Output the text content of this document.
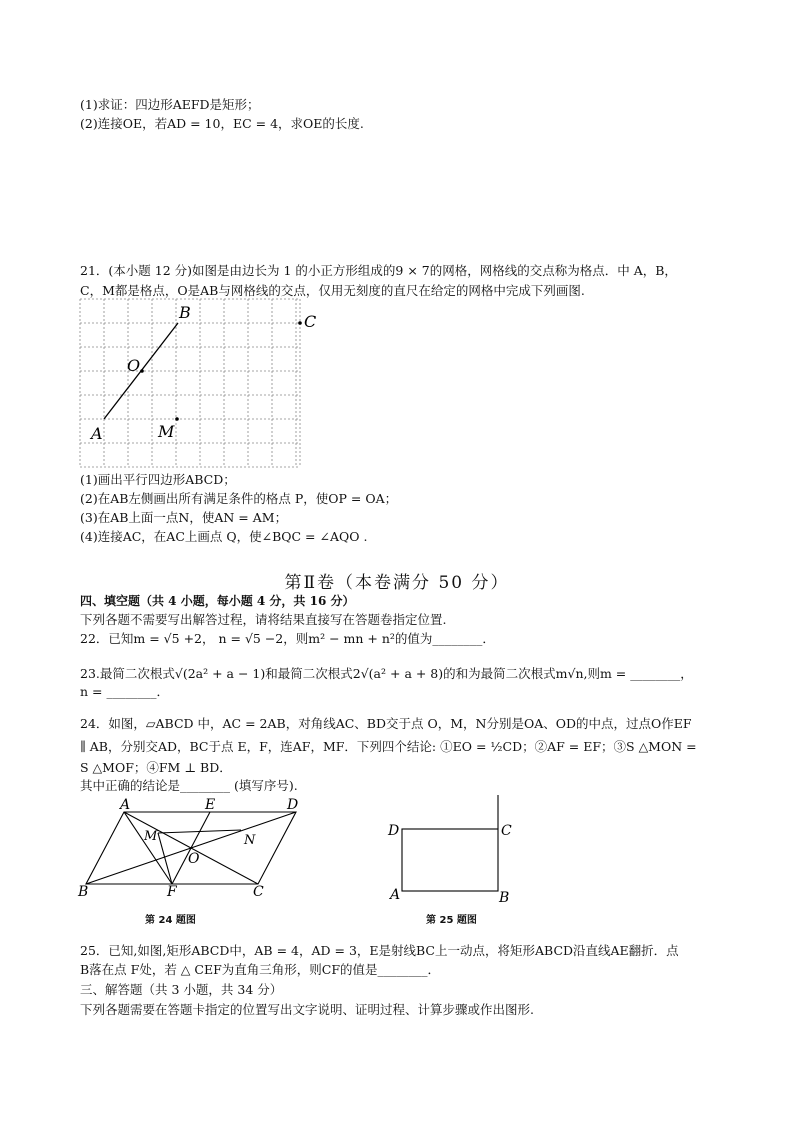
(1)求证：四边形AEFD是矩形；
(2)连接OE，若AD = 10，EC = 4，求OE的长度.
21．(本小题 12 分)如图是由边长为 1 的小正方形组成的9 × 7的网格，网格线的交点称为格点．中 A，B，
C，M都是格点，O是AB与网格线的交点，仅用无刻度的直尺在给定的网格中完成下列画图.
B	C
O
A	M
(1)画出平行四边形ABCD；
(2)在AB左侧画出所有满足条件的格点 P，使OP = OA；
(3)在AB上面一点N，使AN = AM；
(4)连接AC，在AC上画点 Q，使∠BQC = ∠AQO .
第Ⅱ卷（本卷满分 50 分）
四、填空题（共 4 小题，每小题 4 分，共 16 分）
下列各题不需要写出解答过程，请将结果直接写在答题卷指定位置.
22．已知m = √5 +2， n = √5 −2，则m² − mn + n²的值为________．
23.最简二次根式√(2a² + a − 1)和最简二次根式2√(a² + a + 8)的和为最简二次根式m√n,则m = ________，
n = ________．
24．如图，▱ABCD 中，AC = 2AB，对角线AC、BD交于点 O，M，N分别是OA、OD的中点，过点O作EF
∥ AB，分别交AD，BC于点 E，F，连AF，MF．下列四个结论: ①EO = ½CD；②AF = EF；③S △MON =
S △MOF；④FM ⊥ BD．
其中正确的结论是________ (填写序号).
A	E	D
M	N
O
B	F	C
第 24 题图
D	C
A	B
第 25 题图
25．已知,如图,矩形ABCD中，AB = 4，AD = 3，E是射线BC上一动点，将矩形ABCD沿直线AE翻折．点
B落在点 F处，若 △ CEF为直角三角形，则CF的值是________．
三、解答题（共 3 小题，共 34 分）
下列各题需要在答题卡指定的位置写出文字说明、证明过程、计算步骤或作出图形.
